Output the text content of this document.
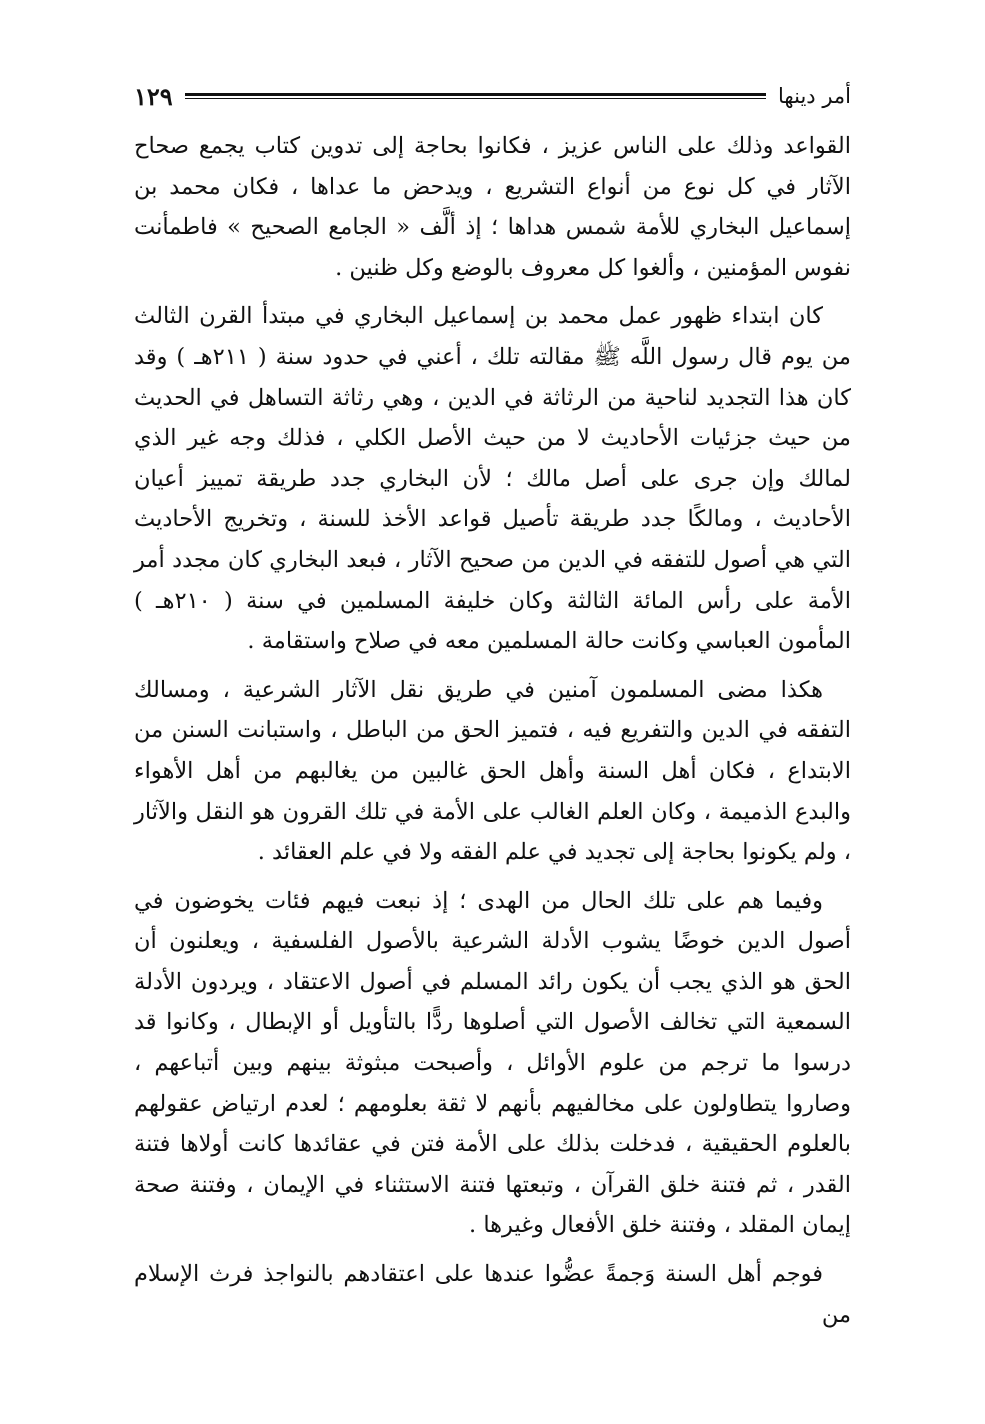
أمر دينها
١٢٩

القواعد وذلك على الناس عزيز ، فكانوا بحاجة إلى تدوين كتاب يجمع صحاح الآثار في كل نوع من أنواع التشريع ، ويدحض ما عداها ، فكان محمد بن إسماعيل البخاري للأمة شمس هداها ؛ إذ ألَّف « الجامع الصحيح » فاطمأنت نفوس المؤمنين ، وألغوا كل معروف بالوضع وكل ظنين .

كان ابتداء ظهور عمل محمد بن إسماعيل البخاري في مبتدأ القرن الثالث من يوم قال رسول اللَّه ﷺ مقالته تلك ، أعني في حدود سنة ( ٢١١هـ ) وقد كان هذا التجديد لناحية من الرثاثة في الدين ، وهي رثاثة التساهل في الحديث من حيث جزئيات الأحاديث لا من حيث الأصل الكلي ، فذلك وجه غير الذي لمالك وإن جرى على أصل مالك ؛ لأن البخاري جدد طريقة تمييز أعيان الأحاديث ، ومالكًا جدد طريقة تأصيل قواعد الأخذ للسنة ، وتخريج الأحاديث التي هي أصول للتفقه في الدين من صحيح الآثار ، فبعد البخاري كان مجدد أمر الأمة على رأس المائة الثالثة وكان خليفة المسلمين في سنة ( ٢١٠هـ ) المأمون العباسي وكانت حالة المسلمين معه في صلاح واستقامة .

هكذا مضى المسلمون آمنين في طريق نقل الآثار الشرعية ، ومسالك التفقه في الدين والتفريع فيه ، فتميز الحق من الباطل ، واستبانت السنن من الابتداع ، فكان أهل السنة وأهل الحق غالبين من يغالبهم من أهل الأهواء والبدع الذميمة ، وكان العلم الغالب على الأمة في تلك القرون هو النقل والآثار ، ولم يكونوا بحاجة إلى تجديد في علم الفقه ولا في علم العقائد .

وفيما هم على تلك الحال من الهدى ؛ إذ نبعت فيهم فئات يخوضون في أصول الدين خوضًا يشوب الأدلة الشرعية بالأصول الفلسفية ، ويعلنون أن الحق هو الذي يجب أن يكون رائد المسلم في أصول الاعتقاد ، ويردون الأدلة السمعية التي تخالف الأصول التي أصلوها ردًّا بالتأويل أو الإبطال ، وكانوا قد درسوا ما ترجم من علوم الأوائل ، وأصبحت مبثوثة بينهم وبين أتباعهم ، وصاروا يتطاولون على مخالفيهم بأنهم لا ثقة بعلومهم ؛ لعدم ارتياض عقولهم بالعلوم الحقيقية ، فدخلت بذلك على الأمة فتن في عقائدها كانت أولاها فتنة القدر ، ثم فتنة خلق القرآن ، وتبعتها فتنة الاستثناء في الإيمان ، وفتنة صحة إيمان المقلد ، وفتنة خلق الأفعال وغيرها .

فوجم أهل السنة وَجمةً عضُّوا عندها على اعتقادهم بالنواجذ فرث الإسلام من
